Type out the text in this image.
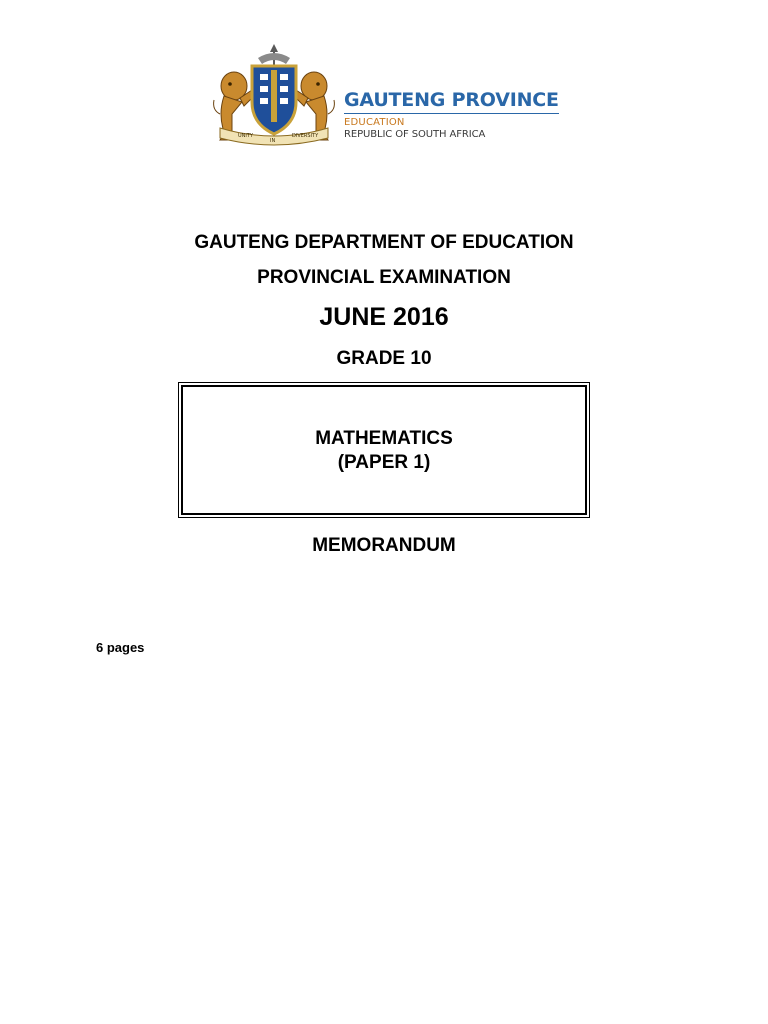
UNITY
IN
DIVERSITY
GAUTENG PROVINCE
EDUCATION
REPUBLIC OF SOUTH AFRICA
GAUTENG DEPARTMENT OF EDUCATION
PROVINCIAL EXAMINATION
JUNE 2016
GRADE 10
MATHEMATICS
(PAPER 1)
MEMORANDUM
6 pages
